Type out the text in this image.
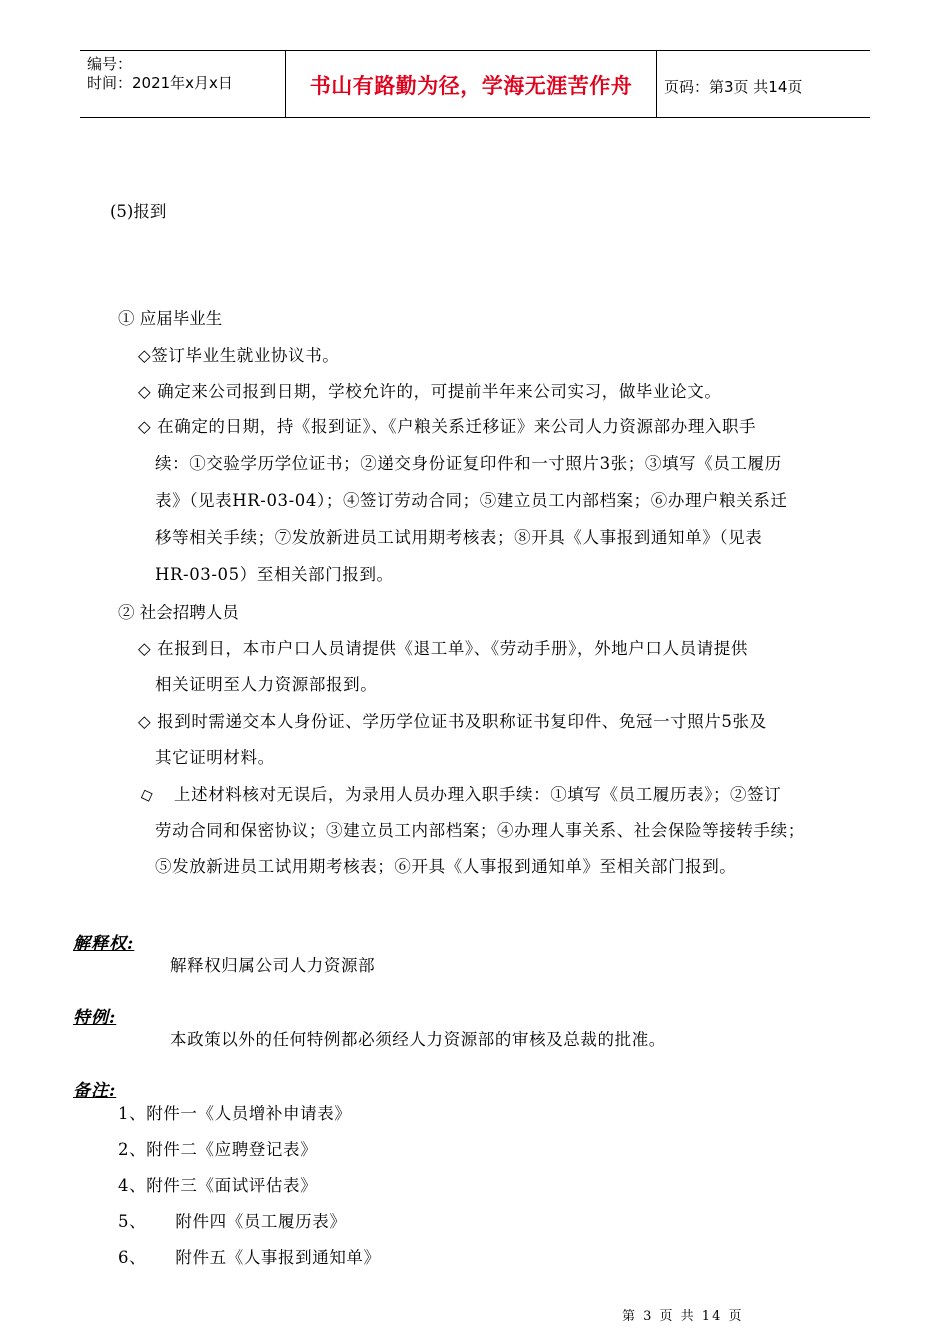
编号：
时间：2021年x月x日	书山有路勤为径，学海无涯苦作舟	页码：第3页 共14页
(5)报到
① 应届毕业生
◇签订毕业生就业协议书。
◇ 确定来公司报到日期，学校允许的，可提前半年来公司实习，做毕业论文。
◇ 在确定的日期，持《报到证》、《户粮关系迁移证》来公司人力资源部办理入职手
续：①交验学历学位证书；②递交身份证复印件和一寸照片3张；③填写《员工履历
表》（见表HR-03-04）；④签订劳动合同；⑤建立员工内部档案；⑥办理户粮关系迁
移等相关手续；⑦发放新进员工试用期考核表；⑧开具《人事报到通知单》（见表
HR-03-05）至相关部门报到。
② 社会招聘人员
◇ 在报到日，本市户口人员请提供《退工单》、《劳动手册》，外地户口人员请提供
相关证明至人力资源部报到。
◇ 报到时需递交本人身份证、学历学位证书及职称证书复印件、免冠一寸照片5张及
其它证明材料。
◇ 上述材料核对无误后，为录用人员办理入职手续：①填写《员工履历表》；②签订
劳动合同和保密协议；③建立员工内部档案；④办理人事关系、社会保险等接转手续；
⑤发放新进员工试用期考核表；⑥开具《人事报到通知单》至相关部门报到。
解释权:
解释权归属公司人力资源部
特例:
本政策以外的任何特例都必须经人力资源部的审核及总裁的批准。
备注:
1、附件一《人员增补申请表》
2、附件二《应聘登记表》
4、附件三《面试评估表》
5、     附件四《员工履历表》
6、     附件五《人事报到通知单》
第 3 页 共 14 页
